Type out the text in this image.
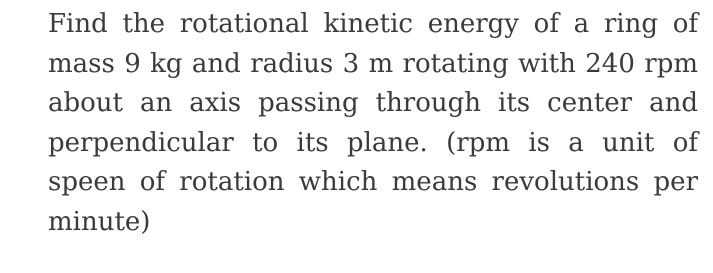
Find the rotational kinetic energy of a ring of
mass 9 kg and radius 3 m rotating with 240 rpm
about an axis passing through its center and
perpendicular to its plane. (rpm is a unit of
speen of rotation which means revolutions per
minute)
